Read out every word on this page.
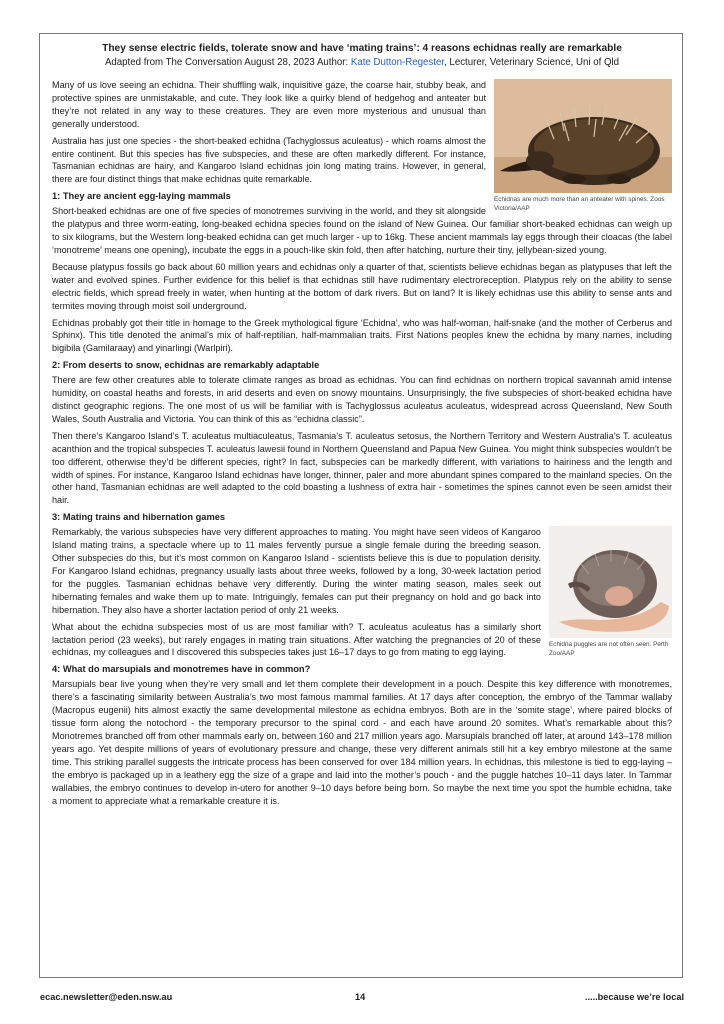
They sense electric fields, tolerate snow and have ‘mating trains’: 4 reasons echidnas really are remarkable

Adapted from The Conversation August 28, 2023 Author: Kate Dutton-Regester, Lecturer, Veterinary Science, Uni of Qld
Echidnas are much more than an anteater with spines. Zoos Victoria/AAP

Many of us love seeing an echidna. Their shuffling walk, inquisitive gaze, the coarse hair, stubby beak, and protective spines are unmistakable, and cute. They look like a quirky blend of hedgehog and anteater but they’re not related in any way to these creatures. They are even more mysterious and unusual than generally understood.

Australia has just one species - the short-beaked echidna (Tachyglossus aculeatus) - which roams almost the entire continent. But this species has five subspecies, and these are often markedly different. For instance, Tasmanian echidnas are hairy, and Kangaroo Island echidnas join long mating trains. However, in general, there are four distinct things that make echidnas quite remarkable.

1: They are ancient egg-laying mammals

Short-beaked echidnas are one of five species of monotremes surviving in the world, and they sit alongside the platypus and three worm-eating, long-beaked echidna species found on the island of New Guinea. Our familiar short-beaked echidnas can weigh up to six kilograms, but the Western long-beaked echidna can get much larger - up to 16kg. These ancient mammals lay eggs through their cloacas (the label ‘monotreme’ means one opening), incubate the eggs in a pouch-like skin fold, then after hatching, nurture their tiny, jellybean-sized young.

Because platypus fossils go back about 60 million years and echidnas only a quarter of that, scientists believe echidnas began as platypuses that left the water and evolved spines. Further evidence for this belief is that echidnas still have rudimentary electroreception. Platypus rely on the ability to sense electric fields, which spread freely in water, when hunting at the bottom of dark rivers. But on land? It is likely echidnas use this ability to sense ants and termites moving through moist soil underground.

Echidnas probably got their title in homage to the Greek mythological figure ‘Echidna’, who was half-woman, half-snake (and the mother of Cerberus and Sphinx). This title denoted the animal’s mix of half-reptilian, half-mammalian traits. First Nations peoples knew the echidna by many names, including bigibila (Gamilaraay) and yinarlingi (Warlpiri).

2: From deserts to snow, echidnas are remarkably adaptable

There are few other creatures able to tolerate climate ranges as broad as echidnas. You can find echidnas on northern tropical savannah amid intense humidity, on coastal heaths and forests, in arid deserts and even on snowy mountains. Unsurprisingly, the five subspecies of short-beaked echidna have distinct geographic regions. The one most of us will be familiar with is Tachyglossus aculeatus aculeatus, widespread across Queensland, New South Wales, South Australia and Victoria. You can think of this as “echidna classic”.

Then there’s Kangaroo Island’s T. aculeatus multiaculeatus, Tasmania’s T. aculeatus setosus, the Northern Territory and Western Australia’s T. aculeatus acanthion and the tropical subspecies T. aculeatus lawesii found in Northern Queensland and Papua New Guinea. You might think subspecies wouldn’t be too different, otherwise they’d be different species, right? In fact, subspecies can be markedly different, with variations to hairiness and the length and width of spines. For instance, Kangaroo Island echidnas have longer, thinner, paler and more abundant spines compared to the mainland species. On the other hand, Tasmanian echidnas are well adapted to the cold boasting a lushness of extra hair - sometimes the spines cannot even be seen amidst their hair.

3: Mating trains and hibernation games
Echidna puggles are not often seen. Perth Zoo/AAP

Remarkably, the various subspecies have very different approaches to mating. You might have seen videos of Kangaroo Island mating trains, a spectacle where up to 11 males fervently pursue a single female during the breeding season. Other subspecies do this, but it’s most common on Kangaroo Island - scientists believe this is due to population density. For Kangaroo Island echidnas, pregnancy usually lasts about three weeks, followed by a long, 30-week lactation period for the puggles. Tasmanian echidnas behave very differently. During the winter mating season, males seek out hibernating females and wake them up to mate. Intriguingly, females can put their pregnancy on hold and go back into hibernation. They also have a shorter lactation period of only 21 weeks.

What about the echidna subspecies most of us are most familiar with? T. aculeatus aculeatus has a similarly short lactation period (23 weeks), but rarely engages in mating train situations. After watching the pregnancies of 20 of these echidnas, my colleagues and I discovered this subspecies takes just 16–17 days to go from mating to egg laying.

4: What do marsupials and monotremes have in common?

Marsupials bear live young when they’re very small and let them complete their development in a pouch. Despite this key difference with monotremes, there’s a fascinating similarity between Australia’s two most famous mammal families. At 17 days after conception, the embryo of the Tammar wallaby (Macropus eugenii) hits almost exactly the same developmental milestone as echidna embryos. Both are in the ‘somite stage’, where paired blocks of tissue form along the notochord - the temporary precursor to the spinal cord - and each have around 20 somites. What’s remarkable about this? Monotremes branched off from other mammals early on, between 160 and 217 million years ago. Marsupials branched off later, at around 143–178 million years ago. Yet despite millions of years of evolutionary pressure and change, these very different animals still hit a key embryo milestone at the same time. This striking parallel suggests the intricate process has been conserved for over 184 million years. In echidnas, this milestone is tied to egg-laying – the embryo is packaged up in a leathery egg the size of a grape and laid into the mother’s pouch - and the puggle hatches 10–11 days later. In Tammar wallabies, the embryo continues to develop in-utero for another 9–10 days before being born. So maybe the next time you spot the humble echidna, take a moment to appreciate what a remarkable creature it is.

ecac.newsletter@eden.nsw.au	14	.....because we’re local
